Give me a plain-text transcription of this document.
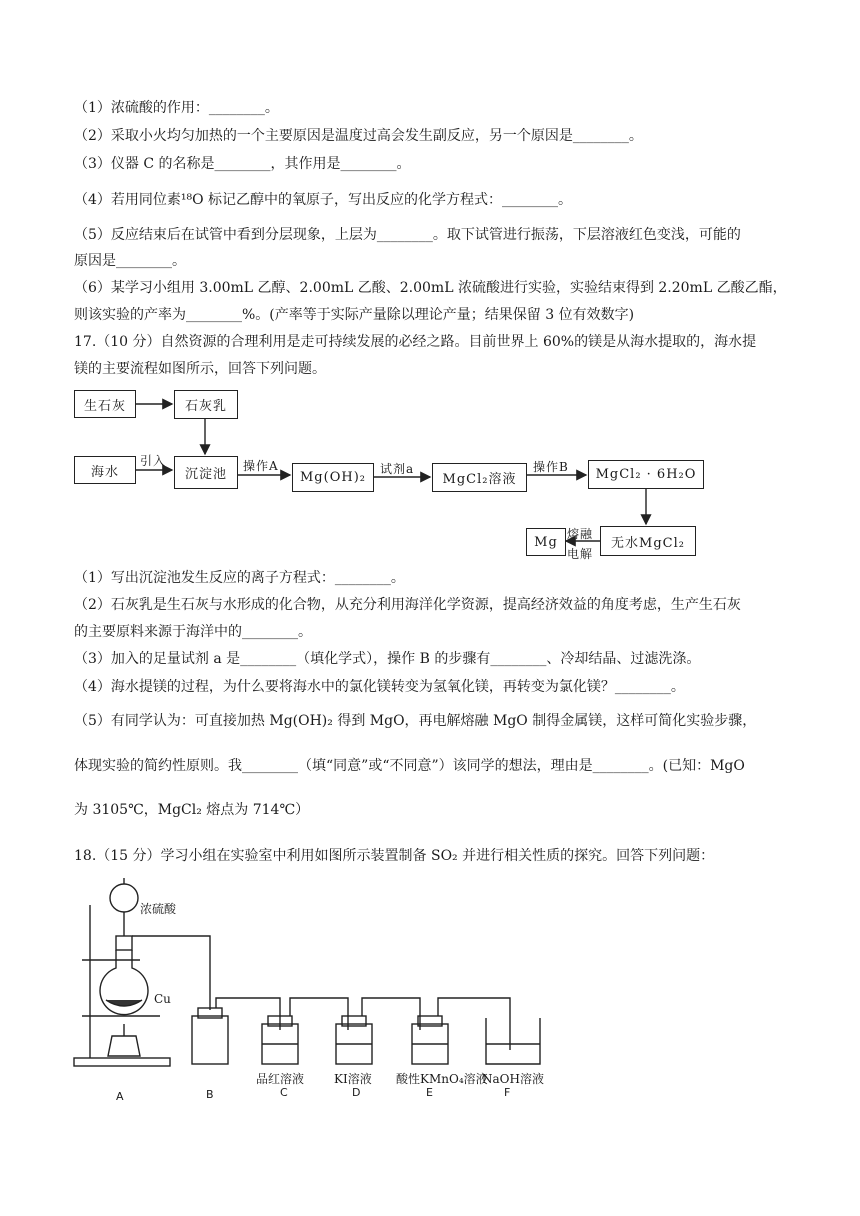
（1）浓硫酸的作用：________。
（2）采取小火均匀加热的一个主要原因是温度过高会发生副反应，另一个原因是________。
（3）仪器 C 的名称是________，其作用是________。
（4）若用同位素¹⁸O 标记乙醇中的氧原子，写出反应的化学方程式：________。
（5）反应结束后在试管中看到分层现象，上层为________。取下试管进行振荡，下层溶液红色变浅，可能的
原因是________。
（6）某学习小组用 3.00mL 乙醇、2.00mL 乙酸、2.00mL 浓硫酸进行实验，实验结束得到 2.20mL 乙酸乙酯，
则该实验的产率为________%。(产率等于实际产量除以理论产量；结果保留 3 位有效数字)
17.（10 分）自然资源的合理利用是走可持续发展的必经之路。目前世界上 60%的镁是从海水提取的，海水提
镁的主要流程如图所示，回答下列问题。
生石灰	石灰乳
海水	沉淀池	Mg(OH)₂	MgCl₂溶液	MgCl₂ · 6H₂O
无水MgCl₂
Mg
引入	操作A	试剂a	操作B
熔融
电解
（1）写出沉淀池发生反应的离子方程式：________。
（2）石灰乳是生石灰与水形成的化合物，从充分利用海洋化学资源，提高经济效益的角度考虑，生产生石灰
的主要原料来源于海洋中的________。
（3）加入的足量试剂 a 是________（填化学式），操作 B 的步骤有________、冷却结晶、过滤洗涤。
（4）海水提镁的过程，为什么要将海水中的氯化镁转变为氢氧化镁，再转变为氯化镁？________。
（5）有同学认为：可直接加热 Mg(OH)₂ 得到 MgO，再电解熔融 MgO 制得金属镁，这样可简化实验步骤，
体现实验的简约性原则。我________（填“同意”或“不同意”）该同学的想法，理由是________。(已知：MgO
为 3105℃，MgCl₂ 熔点为 714℃）
18.（15 分）学习小组在实验室中利用如图所示装置制备 SO₂ 并进行相关性质的探究。回答下列问题：
浓硫酸
Cu
品红溶液 KI溶液 酸性KMnO₄溶液
NaOH溶液
A	B	C	D	E	F
